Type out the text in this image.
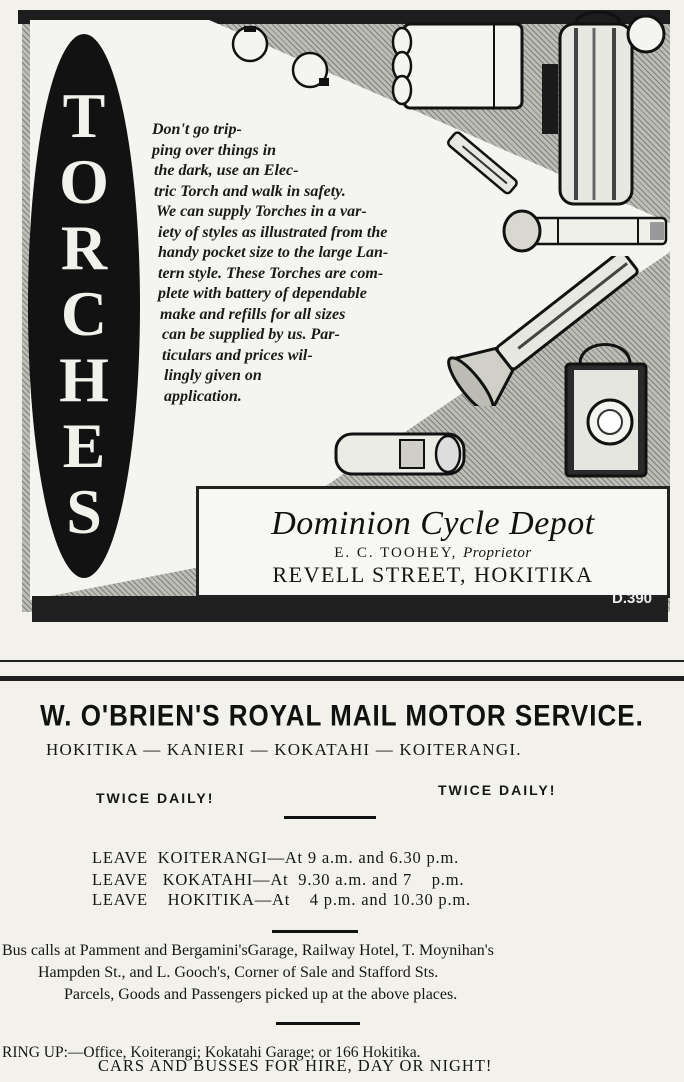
T
O
R
C
H
E
S
Don't go trip-
ping over things in
the dark, use an Elec-
tric Torch and walk in safety.
We can supply Torches in a var-
iety of styles as illustrated from the
handy pocket size to the large Lan-
tern style. These Torches are com-
plete with battery of dependable
make and refills for all sizes
can be supplied by us. Par-
ticulars and prices wil-
lingly given on
application.
Dominion Cycle Depot
E. C. TOOHEY, Proprietor
REVELL STREET, HOKITIKA
D.390
W. O'BRIEN'S ROYAL MAIL MOTOR SERVICE.
HOKITIKA — KANIERI — KOKATAHI — KOITERANGI.
TWICE DAILY!	TWICE DAILY!
LEAVE  KOITERANGI—At 9 a.m. and 6.30 p.m.
LEAVE   KOKATAHI—At  9.30 a.m. and 7    p.m.
LEAVE    HOKITIKA—At    4 p.m. and 10.30 p.m.
Bus calls at Pamment and Bergamini'sGarage, Railway Hotel, T. Moynihan's
Hampden St., and L. Gooch's, Corner of Sale and Stafford Sts.
Parcels, Goods and Passengers picked up at the above places.
RING UP:—Office, Koiterangi; Kokatahi Garage; or 166 Hokitika.
CARS AND BUSSES FOR HIRE, DAY OR NIGHT!
